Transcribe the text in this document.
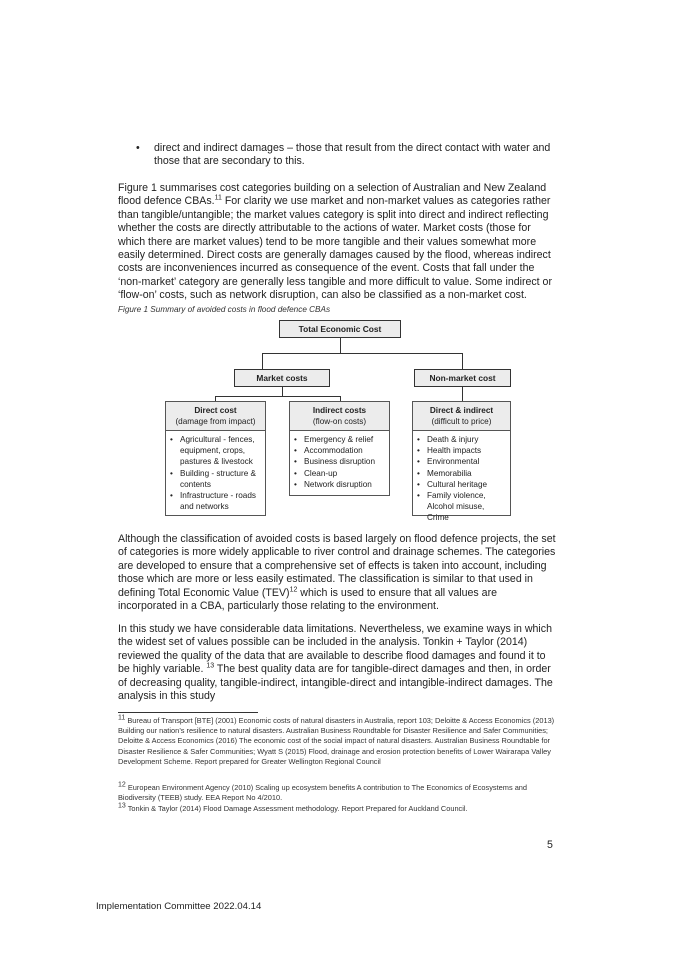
• direct and indirect damages – those that result from the direct contact with water and those that are secondary to this.
Figure 1 summarises cost categories building on a selection of Australian and New Zealand flood defence CBAs.$^{11}$ For clarity we use market and non-market values as categories rather than tangible/untangible; the market values category is split into direct and indirect reflecting whether the costs are directly attributable to the actions of water. Market costs (those for which there are market values) tend to be more tangible and their values somewhat more easily determined. Direct costs are generally damages caused by the flood, whereas indirect costs are inconveniences incurred as consequence of the event. Costs that fall under the ‘non-market’ category are generally less tangible and more difficult to value. Some indirect or ‘flow-on’ costs, such as network disruption, can also be classified as a non-market cost.
Figure 1 Summary of avoided costs in flood defence CBAs
Total Economic Cost
Market costs	Non-market cost
Direct cost
(damage from impact)
• Agricultural - fences, equipment, crops, pastures & livestock
• Building - structure & contents
• Infrastructure - roads and networks
Indirect costs
(flow-on costs)
• Emergency & relief
• Accommodation
• Business disruption
• Clean-up
• Network disruption
Direct & indirect
(difficult to price)
• Death & injury
• Health impacts
• Environmental
• Memorabilia
• Cultural heritage
• Family violence, Alcohol misuse, Crime
Although the classification of avoided costs is based largely on flood defence projects, the set of categories is more widely applicable to river control and drainage schemes. The categories are developed to ensure that a comprehensive set of effects is taken into account, including those which are more or less easily estimated. The classification is similar to that used in defining Total Economic Value (TEV)$^{12}$ which is used to ensure that all values are incorporated in a CBA, particularly those relating to the environment.
In this study we have considerable data limitations. Nevertheless, we examine ways in which the widest set of values possible can be included in the analysis. Tonkin + Taylor (2014) reviewed the quality of the data that are available to describe flood damages and found it to be highly variable. $^{13}$ The best quality data are for tangible-direct damages and then, in order of decreasing quality, tangible-indirect, intangible-direct and intangible-indirect damages. The analysis in this study
11 Bureau of Transport [BTE] (2001) Economic costs of natural disasters in Australia, report 103; Deloitte & Access Economics (2013) Building our nation’s resilience to natural disasters. Australian Business Roundtable for Disaster Resilience and Safer Communities; Deloitte & Access Economics (2016) The economic cost of the social impact of natural disasters. Australian Business Roundtable for Disaster Resilience & Safer Communities; Wyatt S (2015) Flood, drainage and erosion protection benefits of Lower Wairarapa Valley Development Scheme. Report prepared for Greater Wellington Regional Council
12 European Environment Agency (2010) Scaling up ecosystem benefits A contribution to The Economics of Ecosystems and Biodiversity (TEEB) study. EEA Report No 4/2010.
13 Tonkin & Taylor (2014) Flood Damage Assessment methodology. Report Prepared for Auckland Council.
5
Implementation Committee 2022.04.14
